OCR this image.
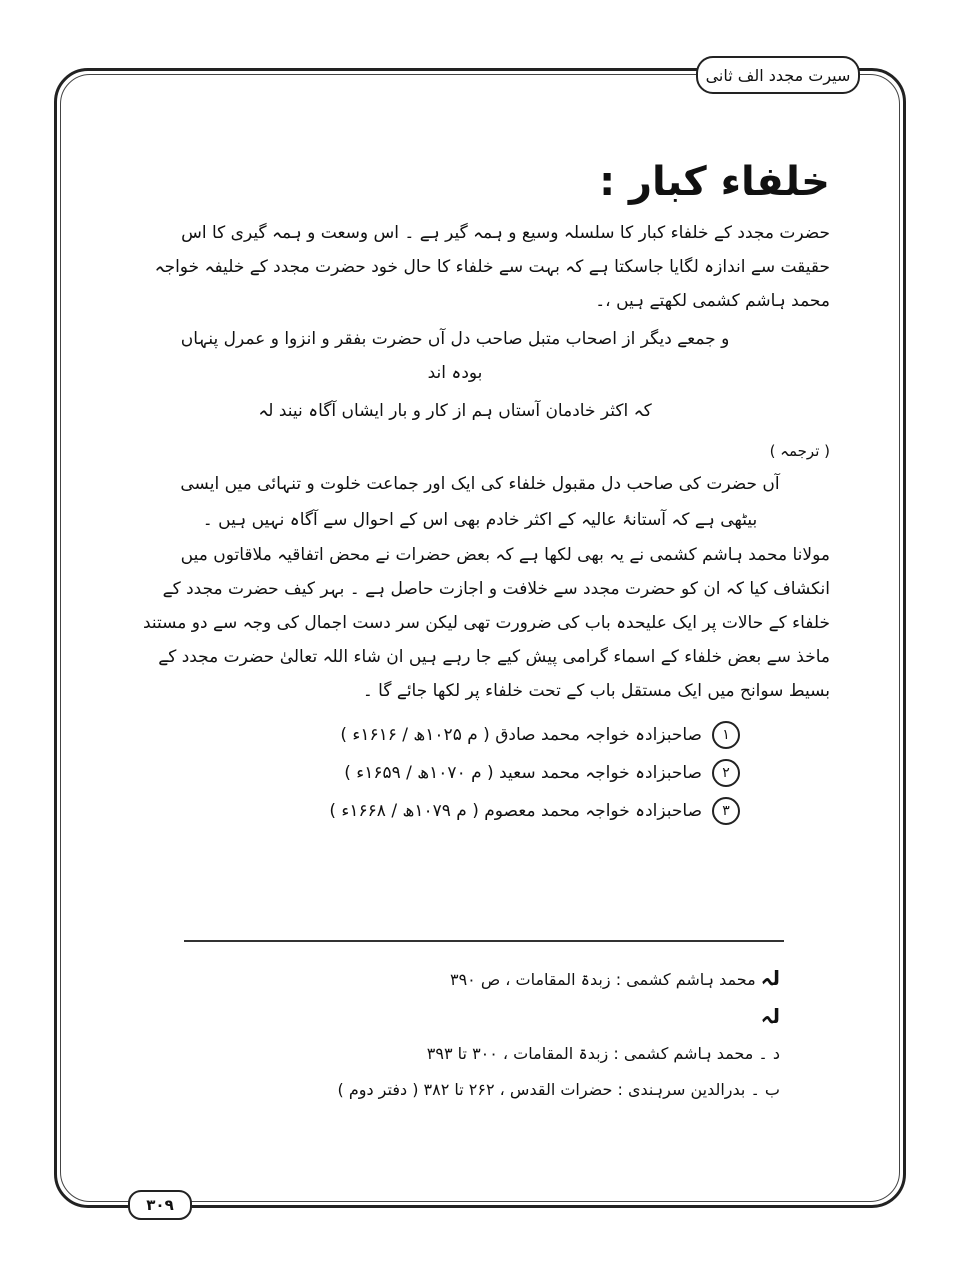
سیرت مجدد الف ثانی
خلفاء کبار :

حضرت مجدد کے خلفاء کبار کا سلسلہ وسیع و ہمہ گیر ہے ۔ اس وسعت و ہمہ گیری کا اس حقیقت سے اندازہ لگایا جاسکتا ہے کہ بہت سے خلفاء کا حال خود حضرت مجدد کے خلیفہ خواجہ محمد ہاشم کشمی لکھتے ہیں ،۔

و جمعے دیگر از اصحاب متبل صاحب دل آں حضرت بفقر و انزوا و عمرل پنہاں بودہ اند

کہ اکثر خادمان آستاں ہم از کار و بار ایشاں آگاہ نیند لہ

( ترجمہ )

آں حضرت کی صاحب دل مقبول خلفاء کی ایک اور جماعت خلوت و تنہائی میں ایسی

بیٹھی ہے کہ آستانۂ عالیہ کے اکثر خادم بھی اس کے احوال سے آگاہ نہیں ہیں ۔

مولانا محمد ہاشم کشمی نے یہ بھی لکھا ہے کہ بعض حضرات نے محض اتفاقیہ ملاقاتوں میں انکشاف کیا کہ ان کو حضرت مجدد سے خلافت و اجازت حاصل ہے ۔ بہر کیف حضرت مجدد کے خلفاء کے حالات پر ایک علیحدہ باب کی ضرورت تھی لیکن سر دست اجمال کی وجہ سے دو مستند ماخذ سے بعض خلفاء کے اسماء گرامی پیش کیے جا رہے ہیں ان شاء اللہ تعالیٰ حضرت مجدد کے بسیط سوانح میں ایک مستقل باب کے تحت خلفاء پر لکھا جائے گا ۔

۱
صاحبزادہ خواجہ محمد صادق ( م ۱۰۲۵ھ / ۱۶۱۶ء )
۲
صاحبزادہ خواجہ محمد سعید ( م ۱۰۷۰ھ / ۱۶۵۹ء )
۳
صاحبزادہ خواجہ محمد معصوم ( م ۱۰۷۹ھ / ۱۶۶۸ء )

لہ محمد ہاشم کشمی : زبدۃ المقامات ، ص ۳۹۰

لہ

د ۔ محمد ہاشم کشمی : زبدۃ المقامات ، ۳۰۰ تا ۳۹۳

ب ۔ بدرالدین سرہندی : حضرات القدس ، ۲۶۲ تا ۳۸۲ ( دفتر دوم )

۳۰۹
